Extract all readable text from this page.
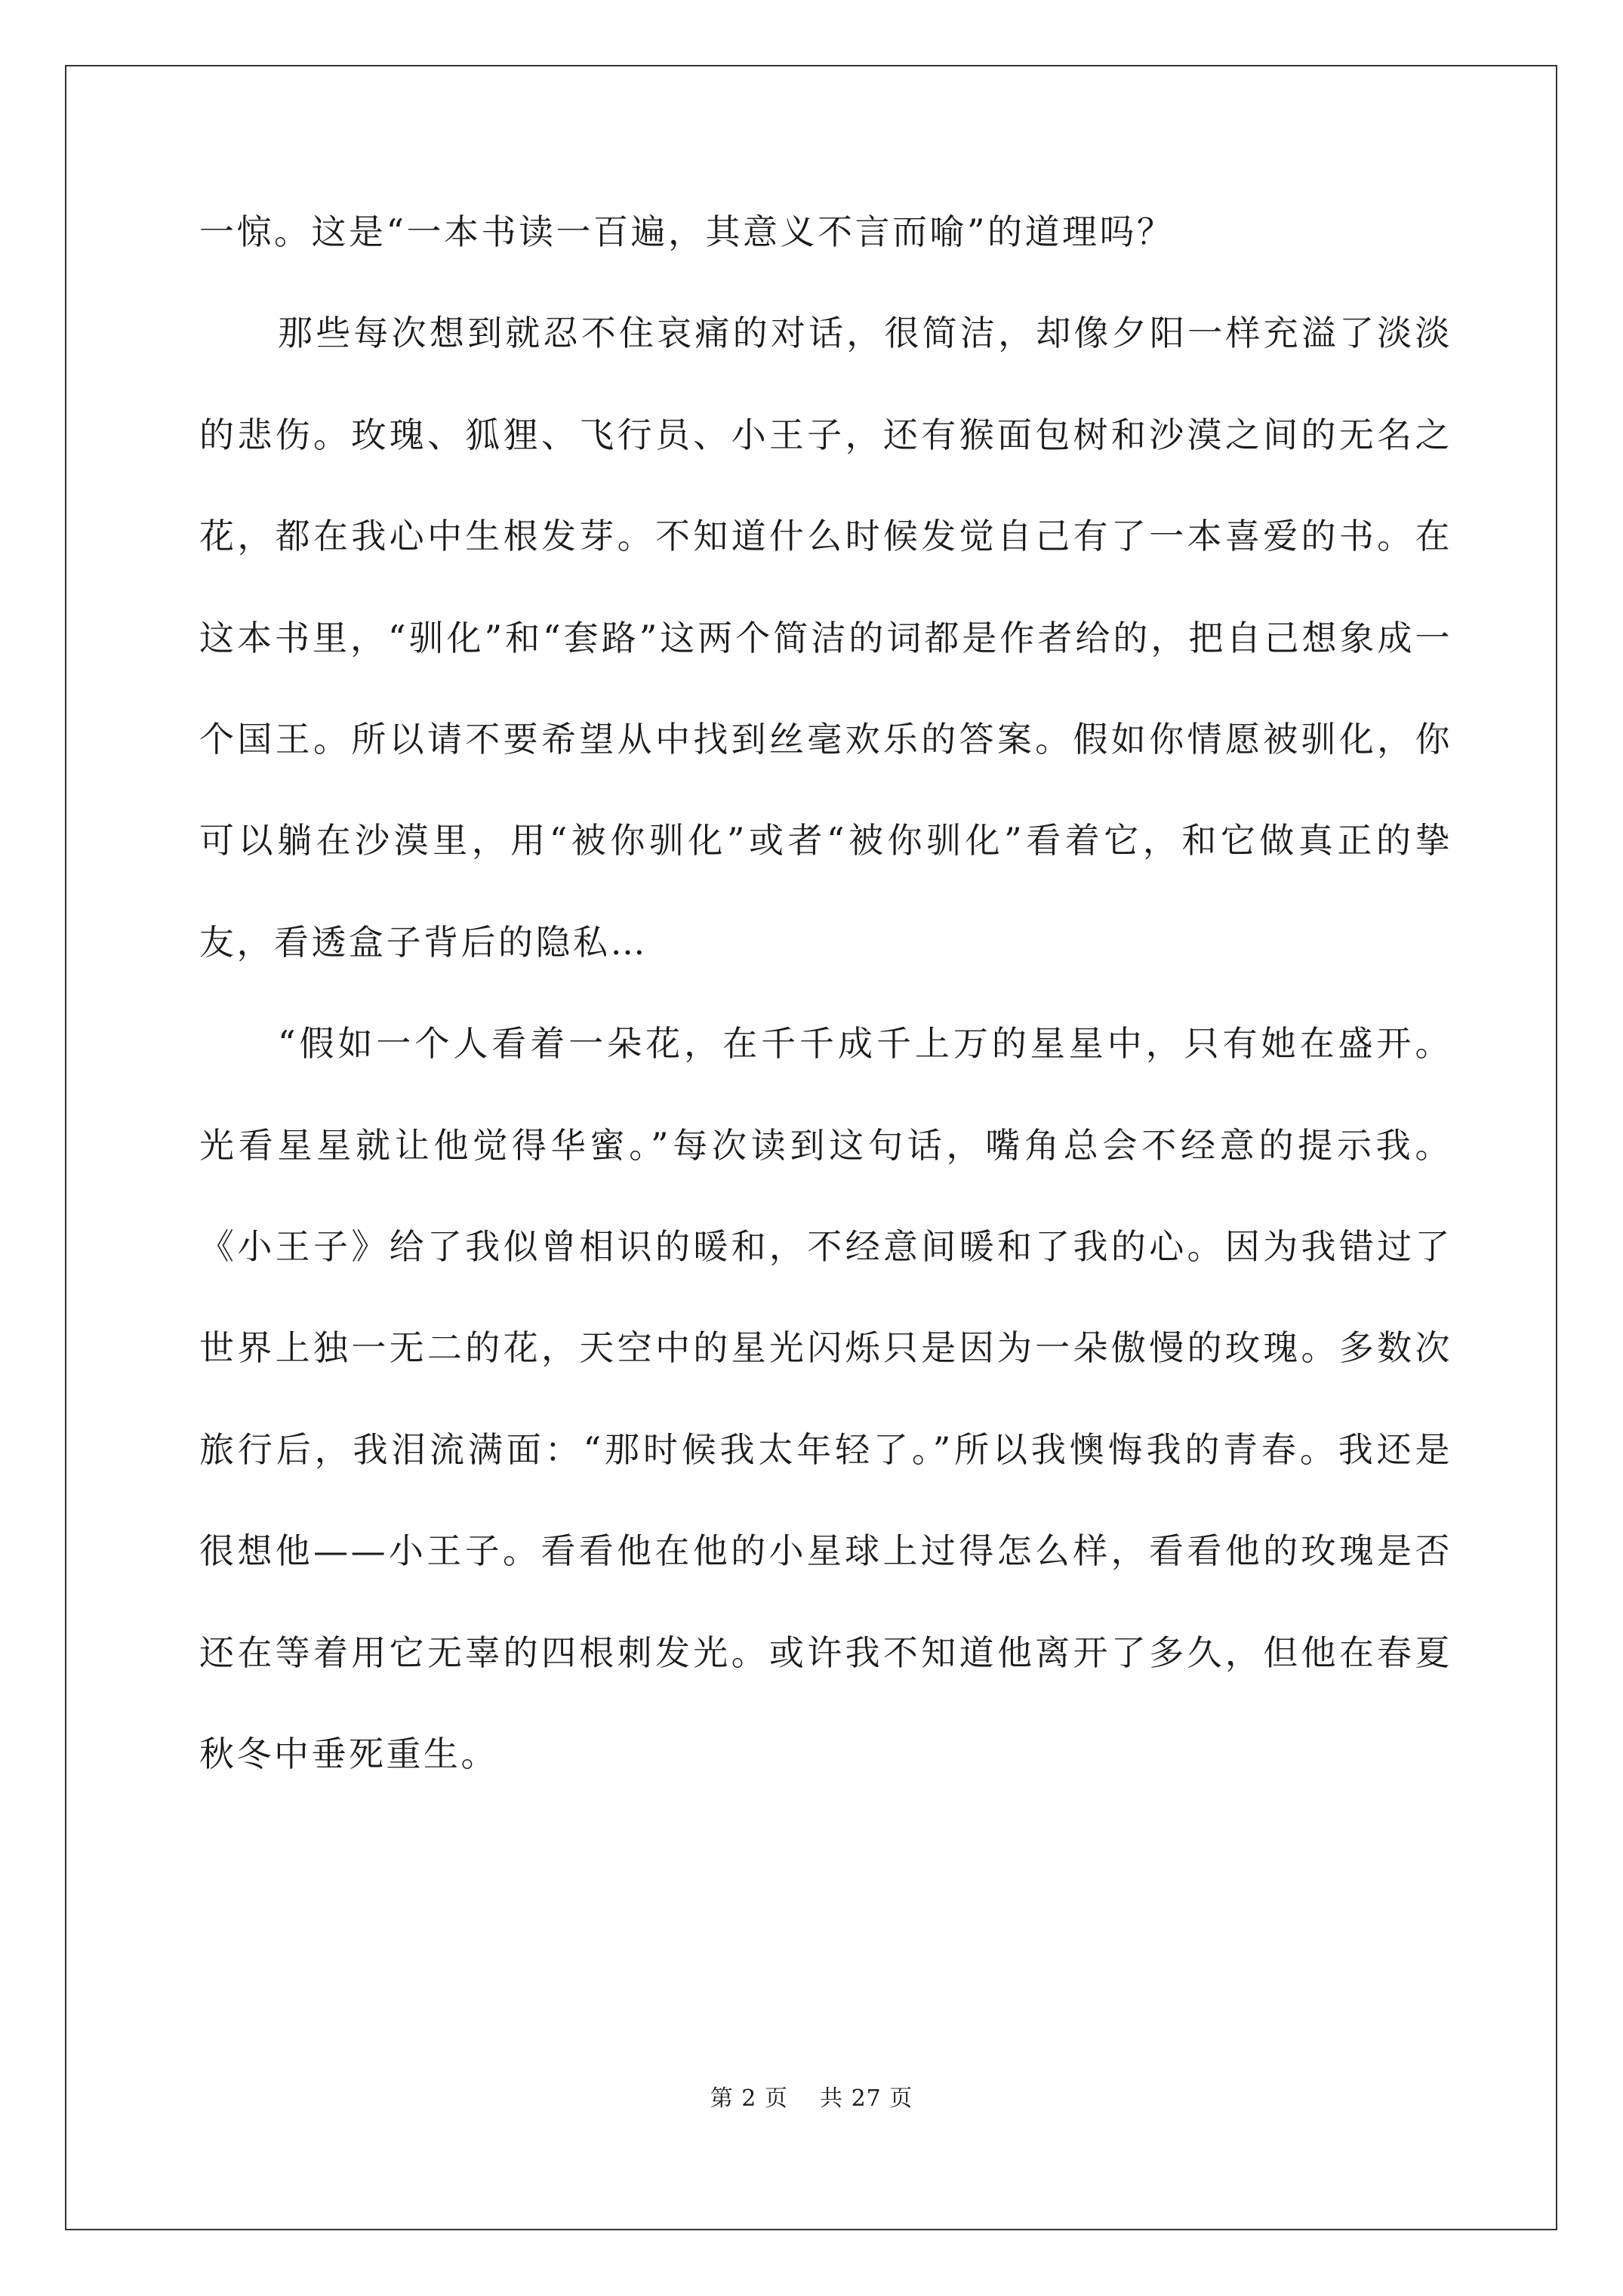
一惊。这是“一本书读一百遍，其意义不言而喻”的道理吗？

那些每次想到就忍不住哀痛的对话，很简洁，却像夕阳一样充溢了淡淡的悲伤。玫瑰、狐狸、飞行员、小王子，还有猴面包树和沙漠之间的无名之花，都在我心中生根发芽。不知道什么时候发觉自己有了一本喜爱的书。在这本书里，“驯化”和“套路”这两个简洁的词都是作者给的，把自己想象成一个国王。所以请不要希望从中找到丝毫欢乐的答案。假如你情愿被驯化，你可以躺在沙漠里，用“被你驯化”或者“被你驯化”看着它，和它做真正的挚友，看透盒子背后的隐私…

“假如一个人看着一朵花，在千千成千上万的星星中，只有她在盛开。光看星星就让他觉得华蜜。”每次读到这句话，嘴角总会不经意的提示我。《小王子》给了我似曾相识的暖和，不经意间暖和了我的心。因为我错过了世界上独一无二的花，天空中的星光闪烁只是因为一朵傲慢的玫瑰。多数次旅行后，我泪流满面：“那时候我太年轻了。”所以我懊悔我的青春。我还是很想他——小王子。看看他在他的小星球上过得怎么样，看看他的玫瑰是否还在等着用它无辜的四根刺发光。或许我不知道他离开了多久，但他在春夏秋冬中垂死重生。

第 2 页 共 27 页
